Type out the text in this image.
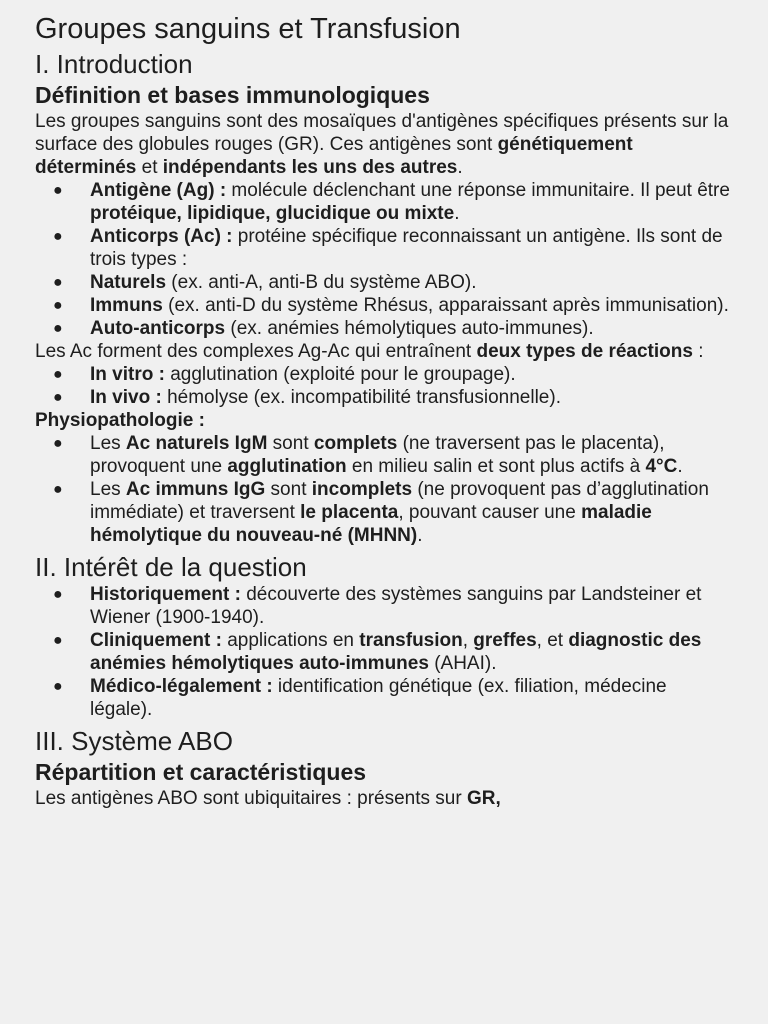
Groupes sanguins et Transfusion
I. Introduction
Définition et bases immunologiques

Les groupes sanguins sont des mosaïques d'antigènes spécifiques présents sur la surface des globules rouges (GR). Ces antigènes sont génétiquement déterminés et indépendants les uns des autres.

● Antigène (Ag) : molécule déclenchant une réponse immunitaire. Il peut être protéique, lipidique, glucidique ou mixte.
● Anticorps (Ac) : protéine spécifique reconnaissant un antigène. Ils sont de trois types :
● Naturels (ex. anti-A, anti-B du système ABO).
● Immuns (ex. anti-D du système Rhésus, apparaissant après immunisation).
● Auto-anticorps (ex. anémies hémolytiques auto-immunes).

Les Ac forment des complexes Ag-Ac qui entraînent deux types de réactions :

● In vitro : agglutination (exploité pour le groupage).
● In vivo : hémolyse (ex. incompatibilité transfusionnelle).

Physiopathologie :

● Les Ac naturels IgM sont complets (ne traversent pas le placenta), provoquent une agglutination en milieu salin et sont plus actifs à 4°C.
● Les Ac immuns IgG sont incomplets (ne provoquent pas d’agglutination immédiate) et traversent le placenta, pouvant causer une maladie hémolytique du nouveau-né (MHNN).
II. Intérêt de la question
● Historiquement : découverte des systèmes sanguins par Landsteiner et Wiener (1900-1940).
● Cliniquement : applications en transfusion, greffes, et diagnostic des anémies hémolytiques auto-immunes (AHAI).
● Médico-légalement : identification génétique (ex. filiation, médecine légale).
III. Système ABO
Répartition et caractéristiques

Les antigènes ABO sont ubiquitaires : présents sur GR,
